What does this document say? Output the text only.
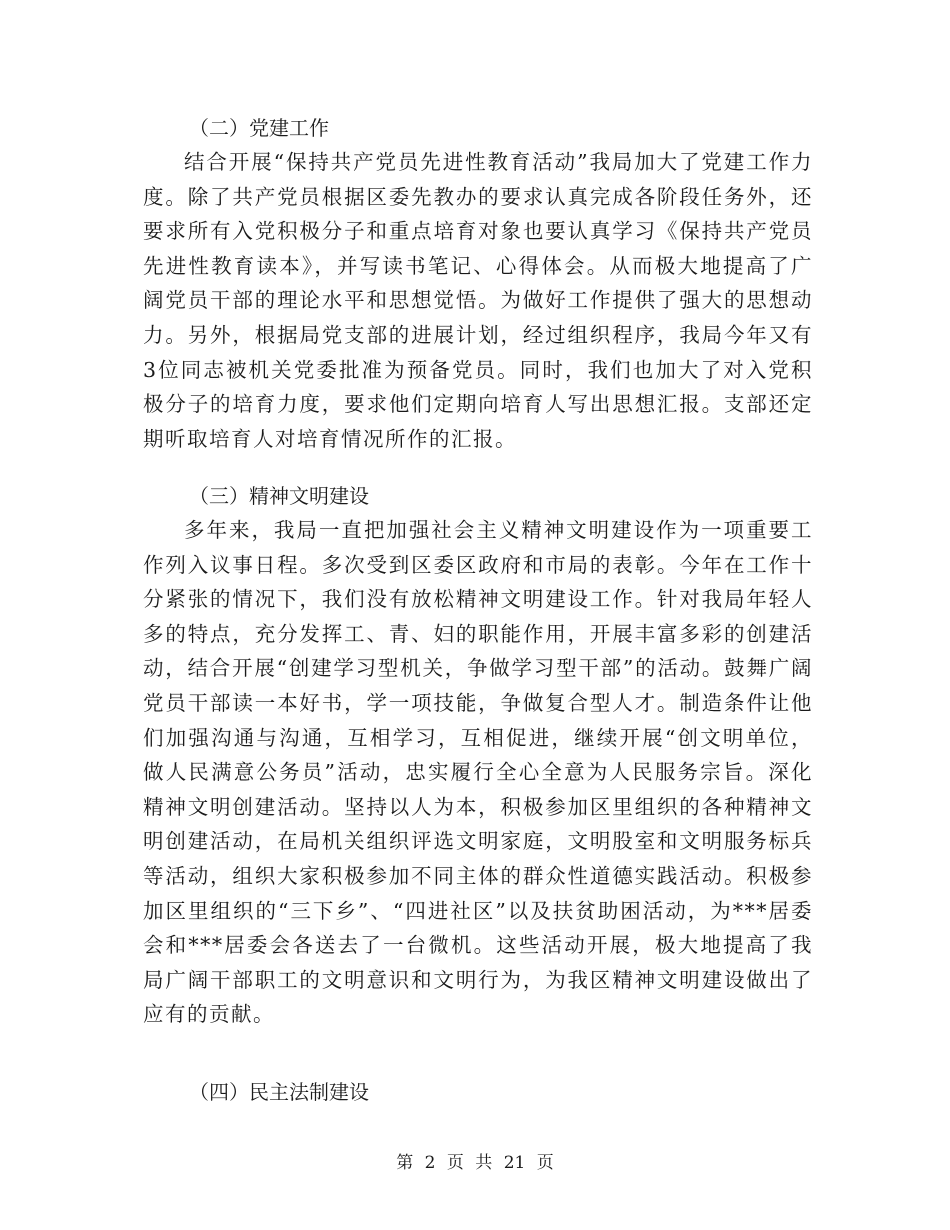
（二）党建工作
结合开展“保持共产党员先进性教育活动”我局加大了党建工作力度。除了共产党员根据区委先教办的要求认真完成各阶段任务外，还要求所有入党积极分子和重点培育对象也要认真学习《保持共产党员先进性教育读本》，并写读书笔记、心得体会。从而极大地提高了广阔党员干部的理论水平和思想觉悟。为做好工作提供了强大的思想动力。另外，根据局党支部的进展计划，经过组织程序，我局今年又有3位同志被机关党委批准为预备党员。同时，我们也加大了对入党积极分子的培育力度，要求他们定期向培育人写出思想汇报。支部还定期听取培育人对培育情况所作的汇报。
（三）精神文明建设
多年来，我局一直把加强社会主义精神文明建设作为一项重要工作列入议事日程。多次受到区委区政府和市局的表彰。今年在工作十分紧张的情况下，我们没有放松精神文明建设工作。针对我局年轻人多的特点，充分发挥工、青、妇的职能作用，开展丰富多彩的创建活动，结合开展“创建学习型机关，争做学习型干部”的活动。鼓舞广阔党员干部读一本好书，学一项技能，争做复合型人才。制造条件让他们加强沟通与沟通，互相学习，互相促进，继续开展“创文明单位，做人民满意公务员”活动，忠实履行全心全意为人民服务宗旨。深化精神文明创建活动。坚持以人为本，积极参加区里组织的各种精神文明创建活动，在局机关组织评选文明家庭，文明股室和文明服务标兵等活动，组织大家积极参加不同主体的群众性道德实践活动。积极参加区里组织的“三下乡”、“四进社区”以及扶贫助困活动，为***居委会和***居委会各送去了一台微机。这些活动开展，极大地提高了我局广阔干部职工的文明意识和文明行为，为我区精神文明建设做出了应有的贡献。
（四）民主法制建设
第 2 页 共 21 页
